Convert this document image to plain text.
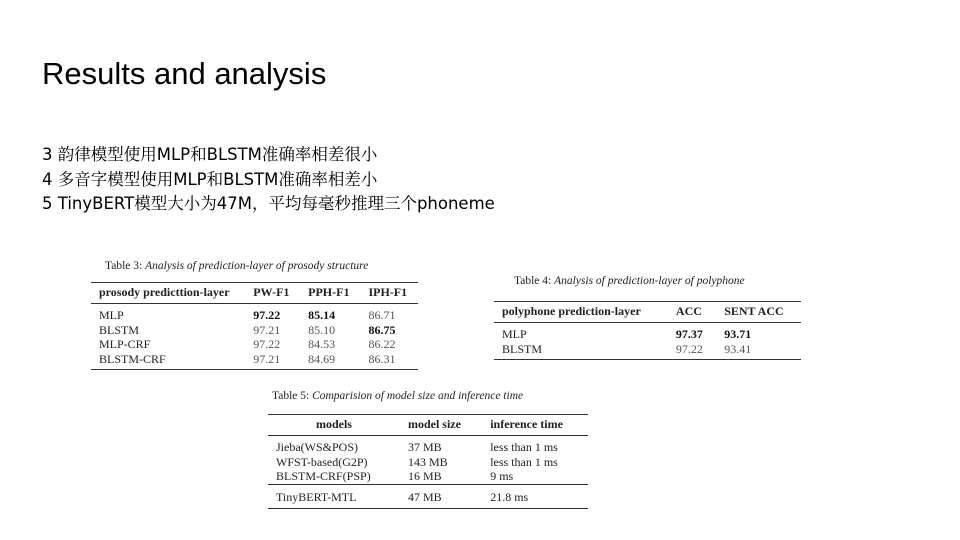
Results and analysis
3 韵律模型使用MLP和BLSTM准确率相差很小
4 多音字模型使用MLP和BLSTM准确率相差小
5 TinyBERT模型大小为47M，平均每毫秒推理三个phoneme
Table 3: Analysis of prediction-layer of prosody structure
prosody predicttion-layer	PW-F1	PPH-F1	IPH-F1
MLP	97.22	85.14	86.71
BLSTM	97.21	85.10	86.75
MLP-CRF	97.22	84.53	86.22
BLSTM-CRF	97.21	84.69	86.31
Table 4: Analysis of prediction-layer of polyphone
polyphone prediction-layer	ACC	SENT ACC
MLP	97.37	93.71
BLSTM	97.22	93.41
Table 5: Comparision of model size and inference time
models	model size	inference time
Jieba(WS&POS)	37 MB	less than 1 ms
WFST-based(G2P)	143 MB	less than 1 ms
BLSTM-CRF(PSP)	16 MB	9 ms
TinyBERT-MTL	47 MB	21.8 ms
